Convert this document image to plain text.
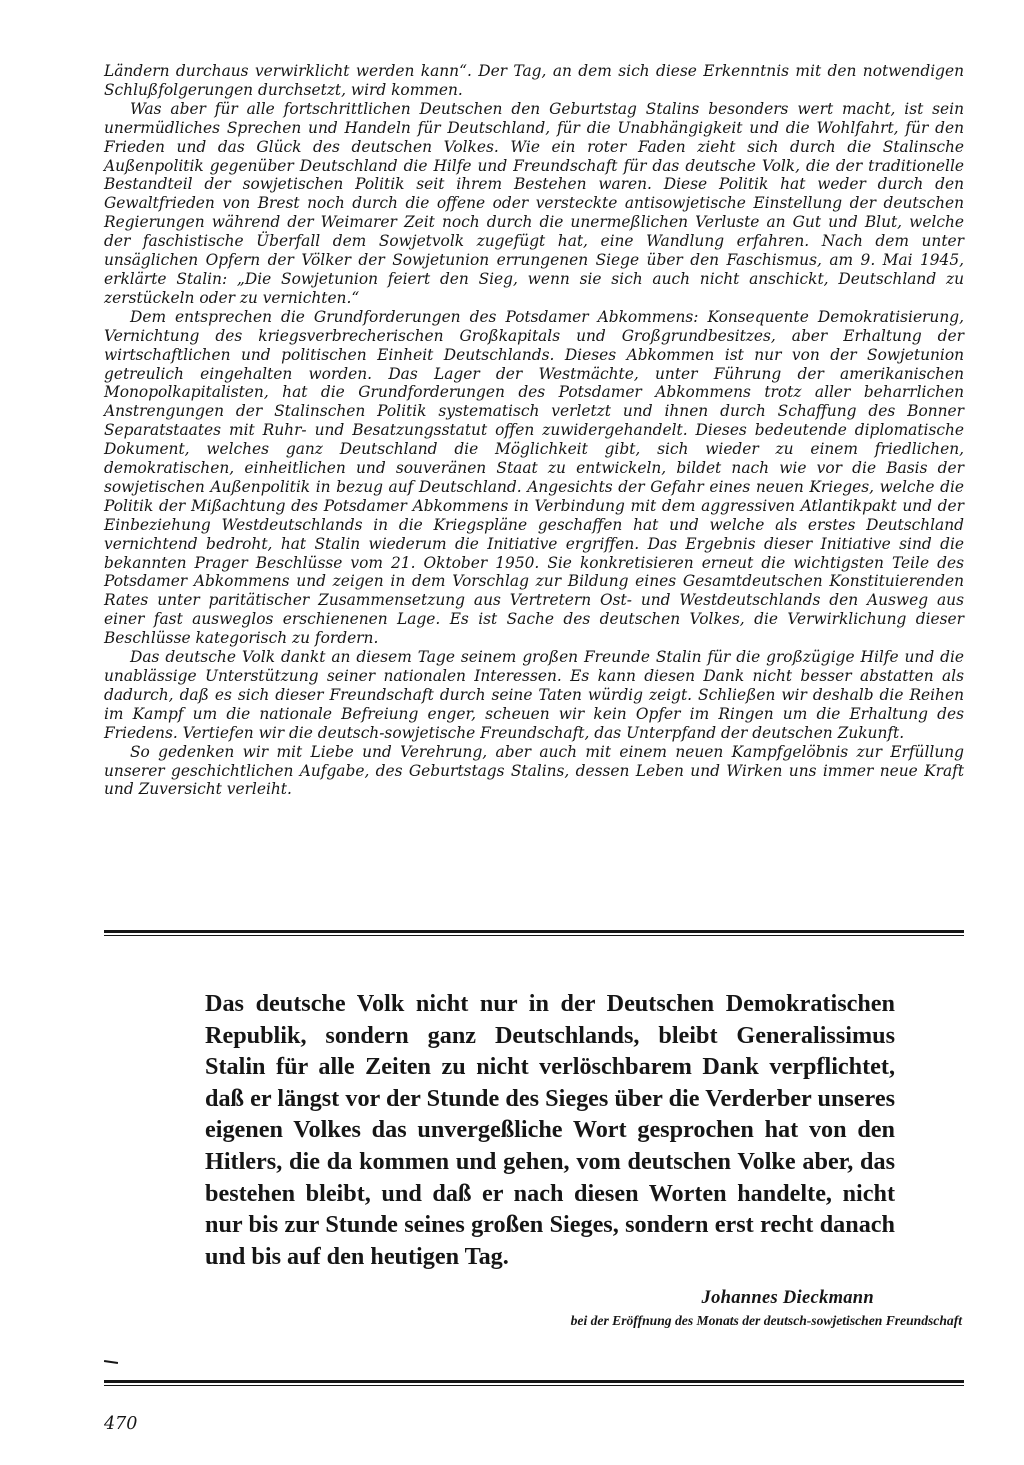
Ländern durchaus verwirklicht werden kann“. Der Tag, an dem sich diese Erkenntnis mit den notwendigen Schlußfolgerungen durchsetzt, wird kommen.

Was aber für alle fortschrittlichen Deutschen den Geburtstag Stalins besonders wert macht, ist sein unermüdliches Sprechen und Handeln für Deutschland, für die Unabhängigkeit und die Wohlfahrt, für den Frieden und das Glück des deutschen Volkes. Wie ein roter Faden zieht sich durch die Stalinsche Außenpolitik gegenüber Deutschland die Hilfe und Freundschaft für das deutsche Volk, die der traditionelle Bestandteil der sowjetischen Politik seit ihrem Bestehen waren. Diese Politik hat weder durch den Gewaltfrieden von Brest noch durch die offene oder versteckte antisowjetische Einstellung der deutschen Regierungen während der Weimarer Zeit noch durch die unermeßlichen Verluste an Gut und Blut, welche der faschistische Überfall dem Sowjetvolk zugefügt hat, eine Wandlung erfahren. Nach dem unter unsäglichen Opfern der Völker der Sowjetunion errungenen Siege über den Faschismus, am 9. Mai 1945, erklärte Stalin: „Die Sowjetunion feiert den Sieg, wenn sie sich auch nicht anschickt, Deutschland zu zerstückeln oder zu vernichten.“

Dem entsprechen die Grundforderungen des Potsdamer Abkommens: Konsequente Demokratisierung, Vernichtung des kriegsverbrecherischen Großkapitals und Großgrundbesitzes, aber Erhaltung der wirtschaftlichen und politischen Einheit Deutschlands. Dieses Abkommen ist nur von der Sowjetunion getreulich eingehalten worden. Das Lager der Westmächte, unter Führung der amerikanischen Monopolkapitalisten, hat die Grundforderungen des Potsdamer Abkommens trotz aller beharrlichen Anstrengungen der Stalinschen Politik systematisch verletzt und ihnen durch Schaffung des Bonner Separatstaates mit Ruhr- und Besatzungsstatut offen zuwidergehandelt. Dieses bedeutende diplomatische Dokument, welches ganz Deutschland die Möglichkeit gibt, sich wieder zu einem friedlichen, demokratischen, einheitlichen und souveränen Staat zu entwickeln, bildet nach wie vor die Basis der sowjetischen Außenpolitik in bezug auf Deutschland. Angesichts der Gefahr eines neuen Krieges, welche die Politik der Mißachtung des Potsdamer Abkommens in Verbindung mit dem aggressiven Atlantikpakt und der Einbeziehung Westdeutschlands in die Kriegspläne geschaffen hat und welche als erstes Deutschland vernichtend bedroht, hat Stalin wiederum die Initiative ergriffen. Das Ergebnis dieser Initiative sind die bekannten Prager Beschlüsse vom 21. Oktober 1950. Sie konkretisieren erneut die wichtigsten Teile des Potsdamer Abkommens und zeigen in dem Vorschlag zur Bildung eines Gesamtdeutschen Konstituierenden Rates unter paritätischer Zusammensetzung aus Vertretern Ost- und Westdeutschlands den Ausweg aus einer fast ausweglos erschienenen Lage. Es ist Sache des deutschen Volkes, die Verwirklichung dieser Beschlüsse kategorisch zu fordern.

Das deutsche Volk dankt an diesem Tage seinem großen Freunde Stalin für die großzügige Hilfe und die unablässige Unterstützung seiner nationalen Interessen. Es kann diesen Dank nicht besser abstatten als dadurch, daß es sich dieser Freundschaft durch seine Taten würdig zeigt. Schließen wir deshalb die Reihen im Kampf um die nationale Befreiung enger, scheuen wir kein Opfer im Ringen um die Erhaltung des Friedens. Vertiefen wir die deutsch-sowjetische Freundschaft, das Unterpfand der deutschen Zukunft.

So gedenken wir mit Liebe und Verehrung, aber auch mit einem neuen Kampfgelöbnis zur Erfüllung unserer geschichtlichen Aufgabe, des Geburtstags Stalins, dessen Leben und Wirken uns immer neue Kraft und Zuversicht verleiht.

Das deutsche Volk nicht nur in der Deutschen Demokratischen Republik, sondern ganz Deutschlands, bleibt Generalissimus Stalin für alle Zeiten zu nicht verlöschbarem Dank verpflichtet, daß er längst vor der Stunde des Sieges über die Verderber unseres eigenen Volkes das unvergeßliche Wort gesprochen hat von den Hitlers, die da kommen und gehen, vom deutschen Volke aber, das bestehen bleibt, und daß er nach diesen Worten handelte, nicht nur bis zur Stunde seines großen Sieges, sondern erst recht danach und bis auf den heutigen Tag.

Johannes Dieckmann
bei der Eröffnung des Monats der deutsch-sowjetischen Freundschaft
470
